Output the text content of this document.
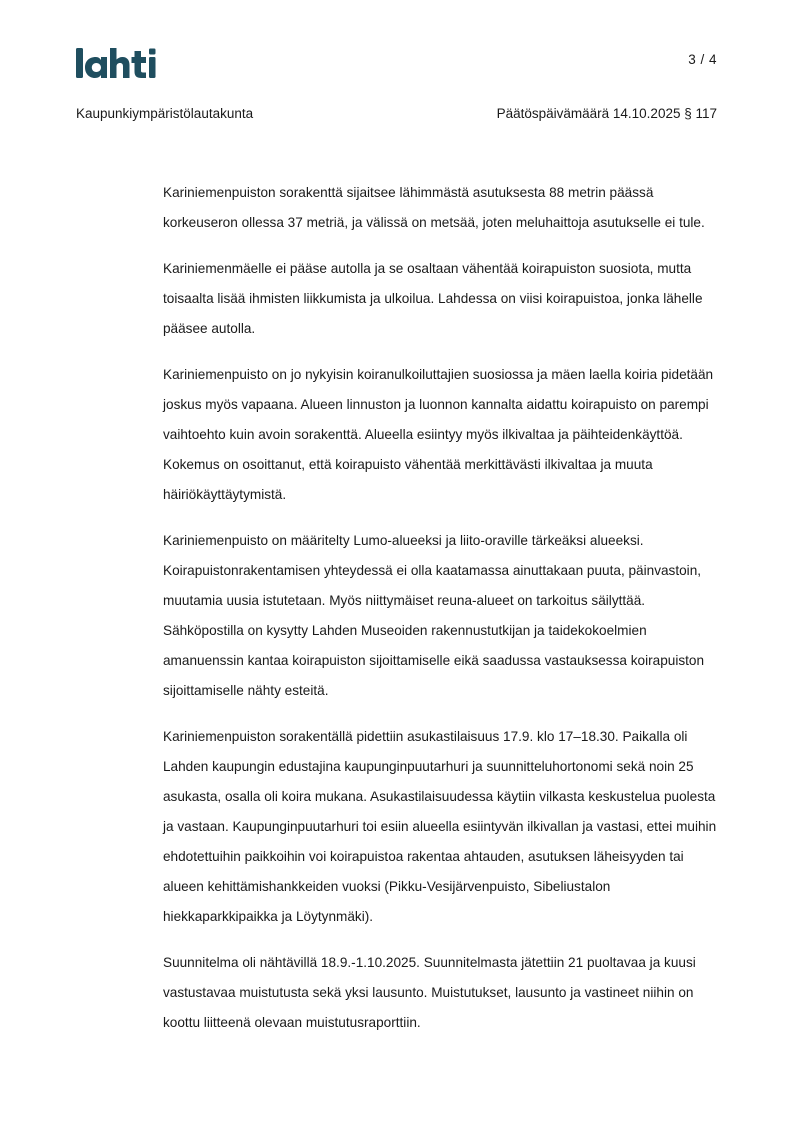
3 / 4
Kaupunkiympäristölautakunta	Päätöspäivämäärä 14.10.2025 § 117

Kariniemenpuiston sorakenttä sijaitsee lähimmästä asutuksesta 88 metrin päässä korkeuseron ollessa 37 metriä, ja välissä on metsää, joten meluhaittoja asutukselle ei tule.

Kariniemenmäelle ei pääse autolla ja se osaltaan vähentää koirapuiston suosiota, mutta toisaalta lisää ihmisten liikkumista ja ulkoilua. Lahdessa on viisi koirapuistoa, jonka lähelle pääsee autolla.

Kariniemenpuisto on jo nykyisin koiranulkoiluttajien suosiossa ja mäen laella koiria pidetään joskus myös vapaana. Alueen linnuston ja luonnon kannalta aidattu koirapuisto on parempi vaihtoehto kuin avoin sorakenttä. Alueella esiintyy myös ilkivaltaa ja päihteidenkäyttöä. Kokemus on osoittanut, että koirapuisto vähentää merkittävästi ilkivaltaa ja muuta häiriökäyttäytymistä.

Kariniemenpuisto on määritelty Lumo-alueeksi ja liito-oraville tärkeäksi alueeksi. Koirapuistonrakentamisen yhteydessä ei olla kaatamassa ainuttakaan puuta, päinvastoin, muutamia uusia istutetaan. Myös niittymäiset reuna-alueet on tarkoitus säilyttää. Sähköpostilla on kysytty Lahden Museoiden rakennustutkijan ja taidekokoelmien amanuenssin kantaa koirapuiston sijoittamiselle eikä saadussa vastauksessa koirapuiston sijoittamiselle nähty esteitä.

Kariniemenpuiston sorakentällä pidettiin asukastilaisuus 17.9. klo 17–18.30. Paikalla oli Lahden kaupungin edustajina kaupunginpuutarhuri ja suunnitteluhortonomi sekä noin 25 asukasta, osalla oli koira mukana. Asukastilaisuudessa käytiin vilkasta keskustelua puolesta ja vastaan. Kaupunginpuutarhuri toi esiin alueella esiintyvän ilkivallan ja vastasi, ettei muihin ehdotettuihin paikkoihin voi koirapuistoa rakentaa ahtauden, asutuksen läheisyyden tai alueen kehittämishankkeiden vuoksi (Pikku-Vesijärvenpuisto, Sibeliustalon hiekkaparkkipaikka ja Löytynmäki).

Suunnitelma oli nähtävillä 18.9.-1.10.2025. Suunnitelmasta jätettiin 21 puoltavaa ja kuusi vastustavaa muistutusta sekä yksi lausunto. Muistutukset, lausunto ja vastineet niihin on koottu liitteenä olevaan muistutusraporttiin.
